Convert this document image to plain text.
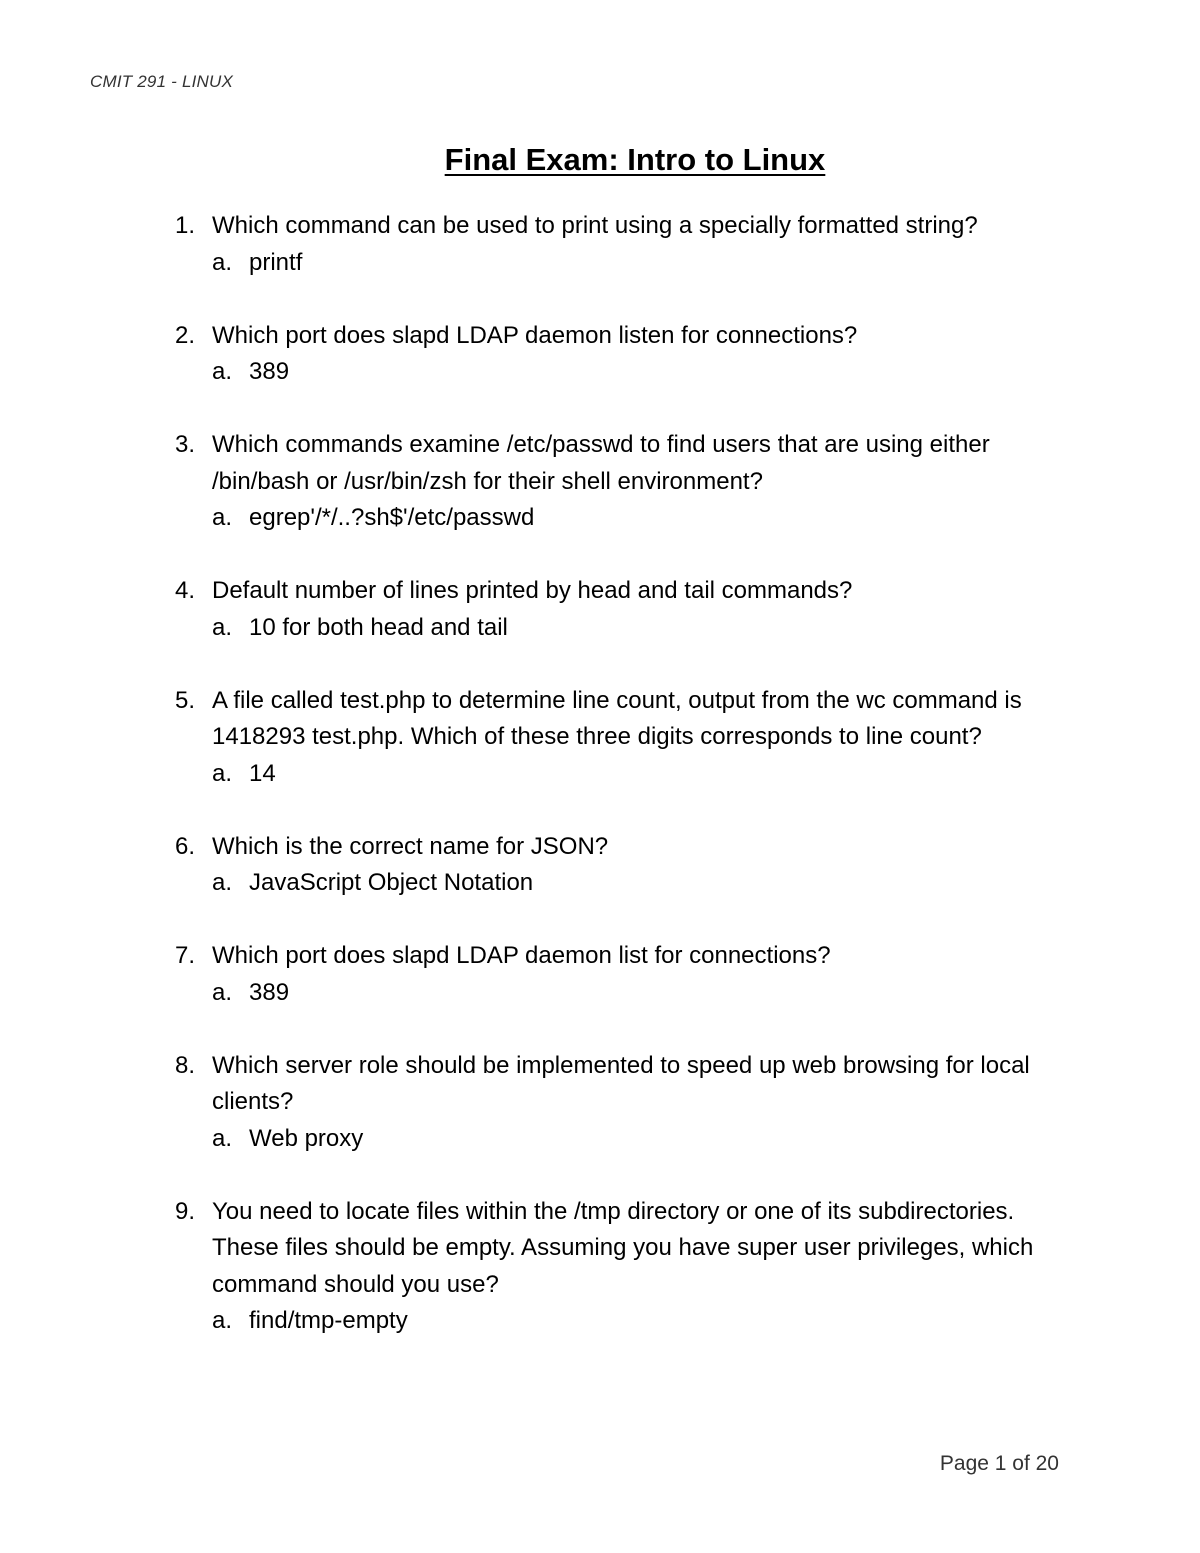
CMIT 291 - LINUX
Final Exam: Intro to Linux
1. Which command can be used to print using a specially formatted string?
a. printf
2. Which port does slapd LDAP daemon listen for connections?
a. 389
3. Which commands examine /etc/passwd to find users that are using either /bin/bash or /usr/bin/zsh for their shell environment?
a. egrep'/*/..?sh$'/etc/passwd
4. Default number of lines printed by head and tail commands?
a. 10 for both head and tail
5. A file called test.php to determine line count, output from the wc command is 1418293 test.php. Which of these three digits corresponds to line count?
a. 14
6. Which is the correct name for JSON?
a. JavaScript Object Notation
7. Which port does slapd LDAP daemon list for connections?
a. 389
8. Which server role should be implemented to speed up web browsing for local clients?
a. Web proxy
9. You need to locate files within the /tmp directory or one of its subdirectories. These files should be empty. Assuming you have super user privileges, which command should you use?
a. find/tmp-empty
Page 1 of 20
